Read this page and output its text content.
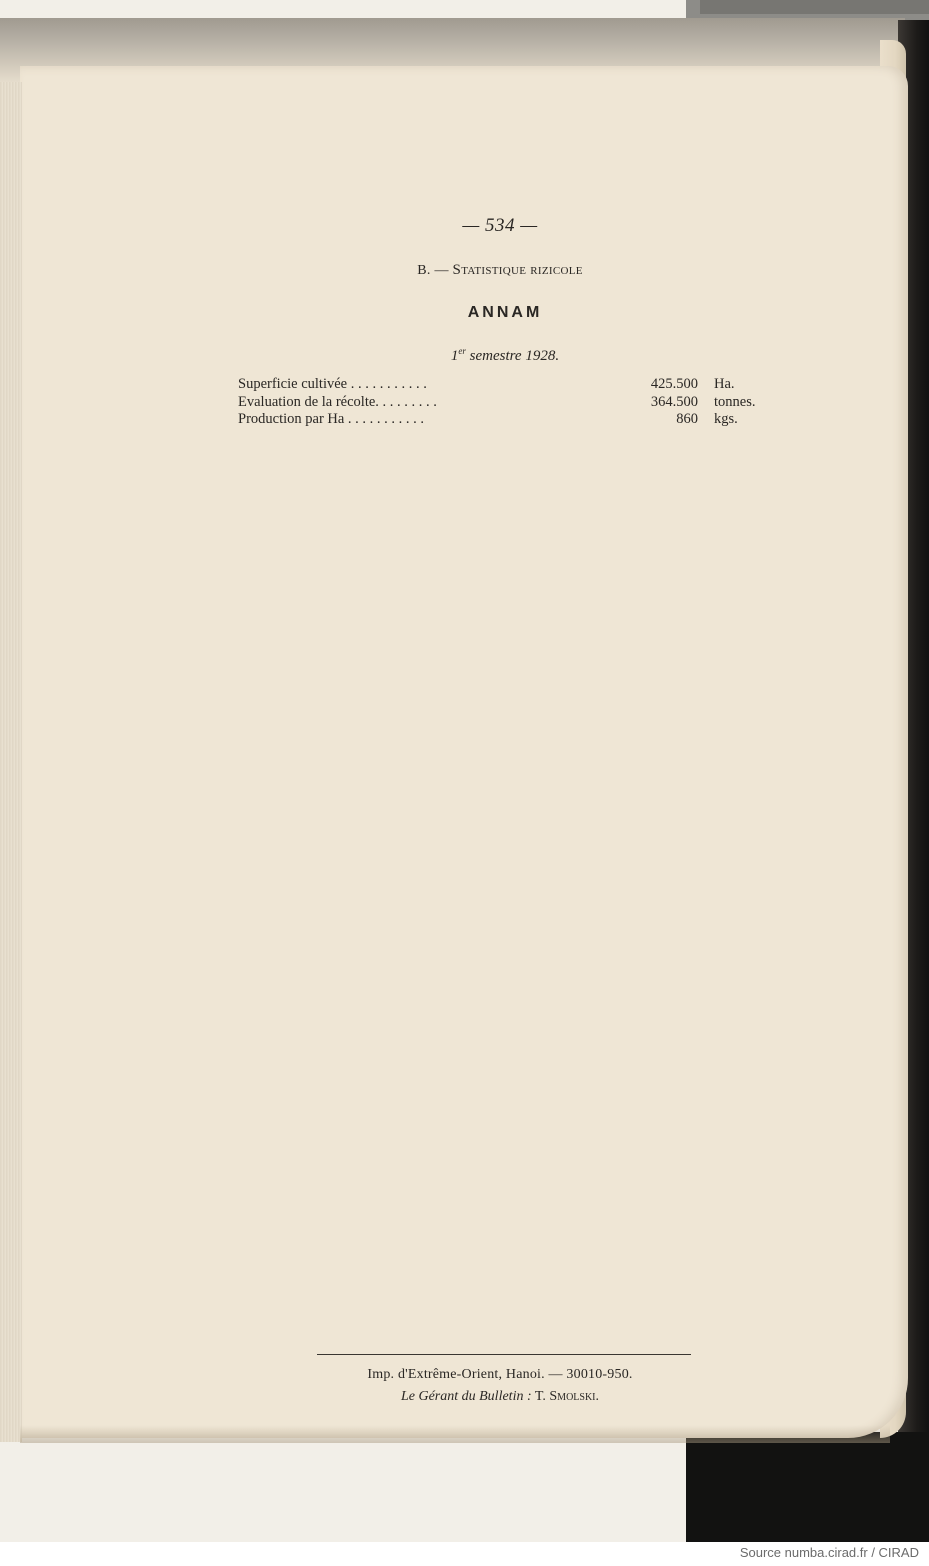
— 534 —
B. — Statistique rizicole
ANNAM
1er semestre 1928.
Superficie cultivée . . . . . . . . . . .	425.500 Ha.
Evaluation de la récolte. . . . . . . . .	364.500 tonnes.
Production par Ha . . . . . . . . . . .	860 kgs.
Imp. d'Extrême-Orient, Hanoi. — 30010-950.
Le Gérant du Bulletin : T. Smolski.
Source numba.cirad.fr / CIRAD
